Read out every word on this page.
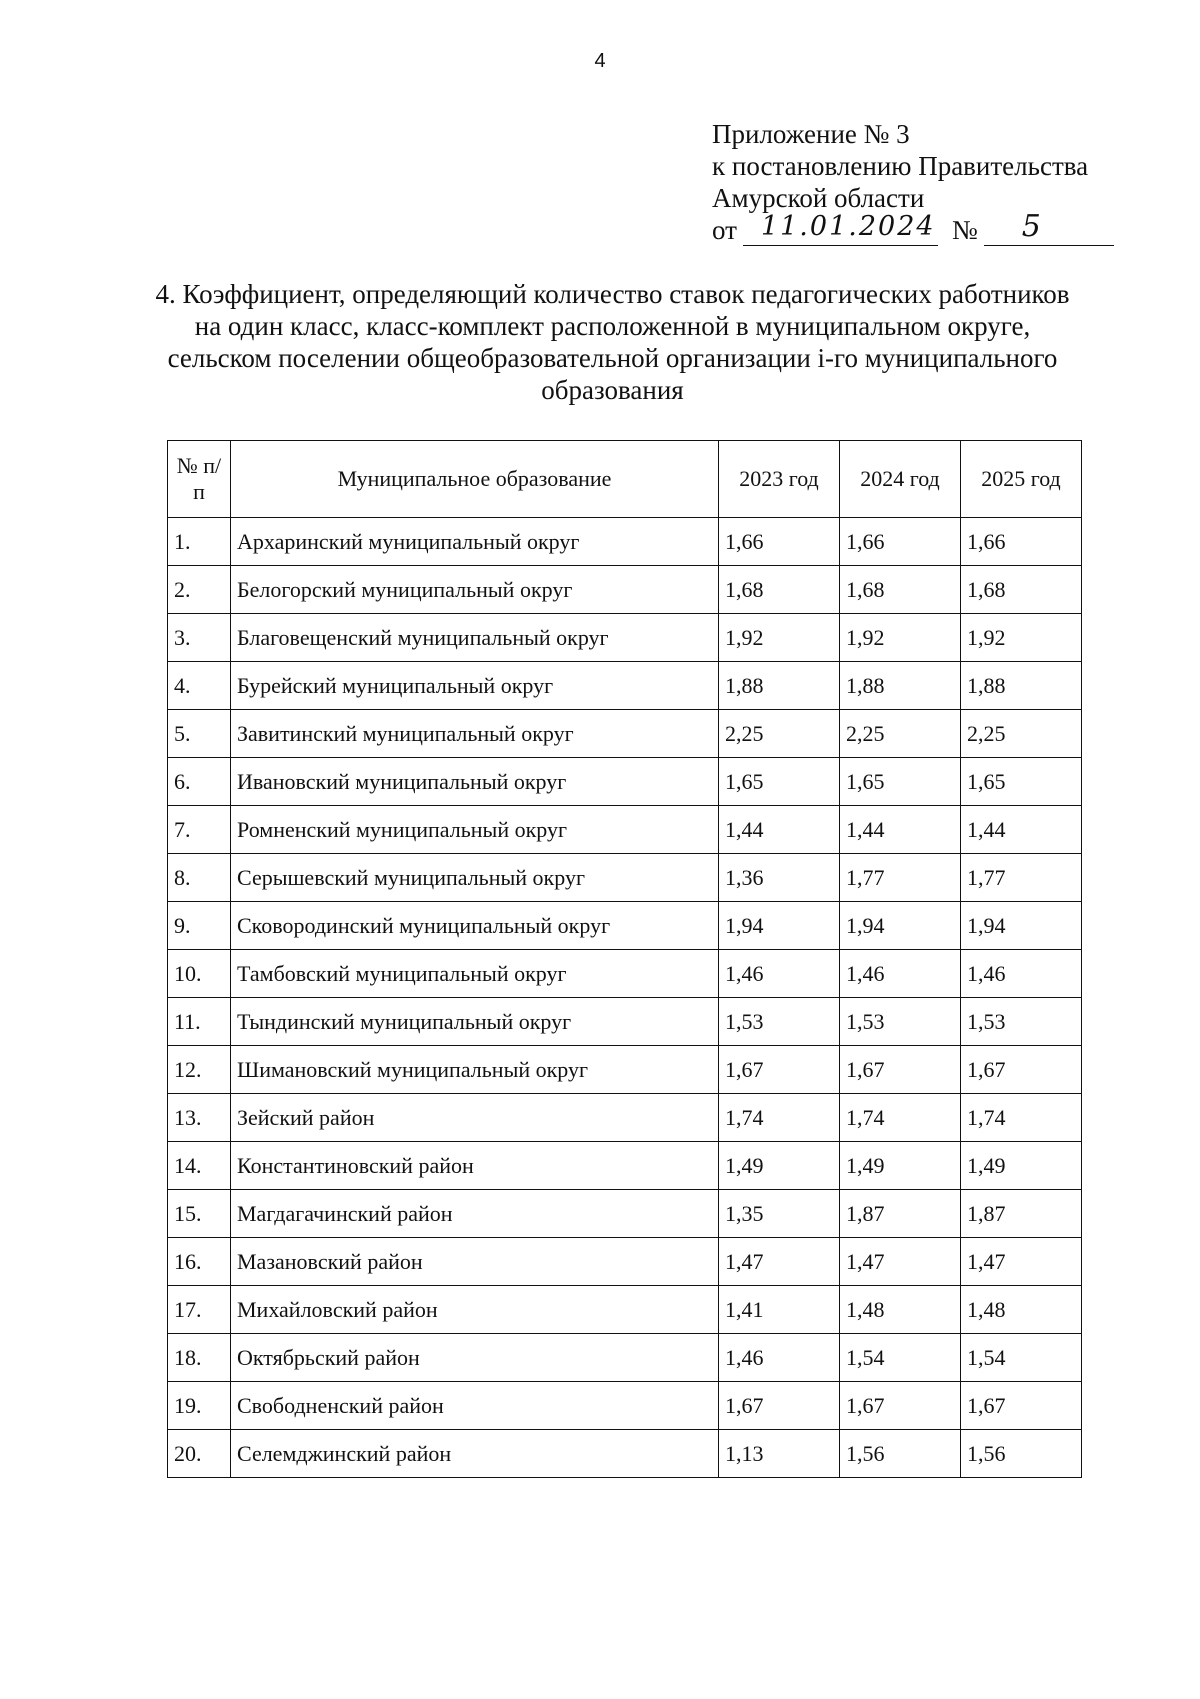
4
Приложение № 3
к постановлению Правительства
Амурской области
от 11.01.2024 № 5
4. Коэффициент, определяющий количество ставок педагогических работников на один класс, класс-комплект расположенной в муниципальном округе, сельском поселении общеобразовательной организации i-го муниципального образования
№ п/п	Муниципальное образование	2023 год	2024 год	2025 год
1.	Архаринский муниципальный округ	1,66	1,66	1,66
2.	Белогорский муниципальный округ	1,68	1,68	1,68
3.	Благовещенский муниципальный округ	1,92	1,92	1,92
4.	Бурейский муниципальный округ	1,88	1,88	1,88
5.	Завитинский муниципальный округ	2,25	2,25	2,25
6.	Ивановский муниципальный округ	1,65	1,65	1,65
7.	Ромненский муниципальный округ	1,44	1,44	1,44
8.	Серышевский муниципальный округ	1,36	1,77	1,77
9.	Сковородинский муниципальный округ	1,94	1,94	1,94
10.	Тамбовский муниципальный округ	1,46	1,46	1,46
11.	Тындинский муниципальный округ	1,53	1,53	1,53
12.	Шимановский муниципальный округ	1,67	1,67	1,67
13.	Зейский район	1,74	1,74	1,74
14.	Константиновский район	1,49	1,49	1,49
15.	Магдагачинский район	1,35	1,87	1,87
16.	Мазановский район	1,47	1,47	1,47
17.	Михайловский район	1,41	1,48	1,48
18.	Октябрьский район	1,46	1,54	1,54
19.	Свободненский район	1,67	1,67	1,67
20.	Селемджинский район	1,13	1,56	1,56
